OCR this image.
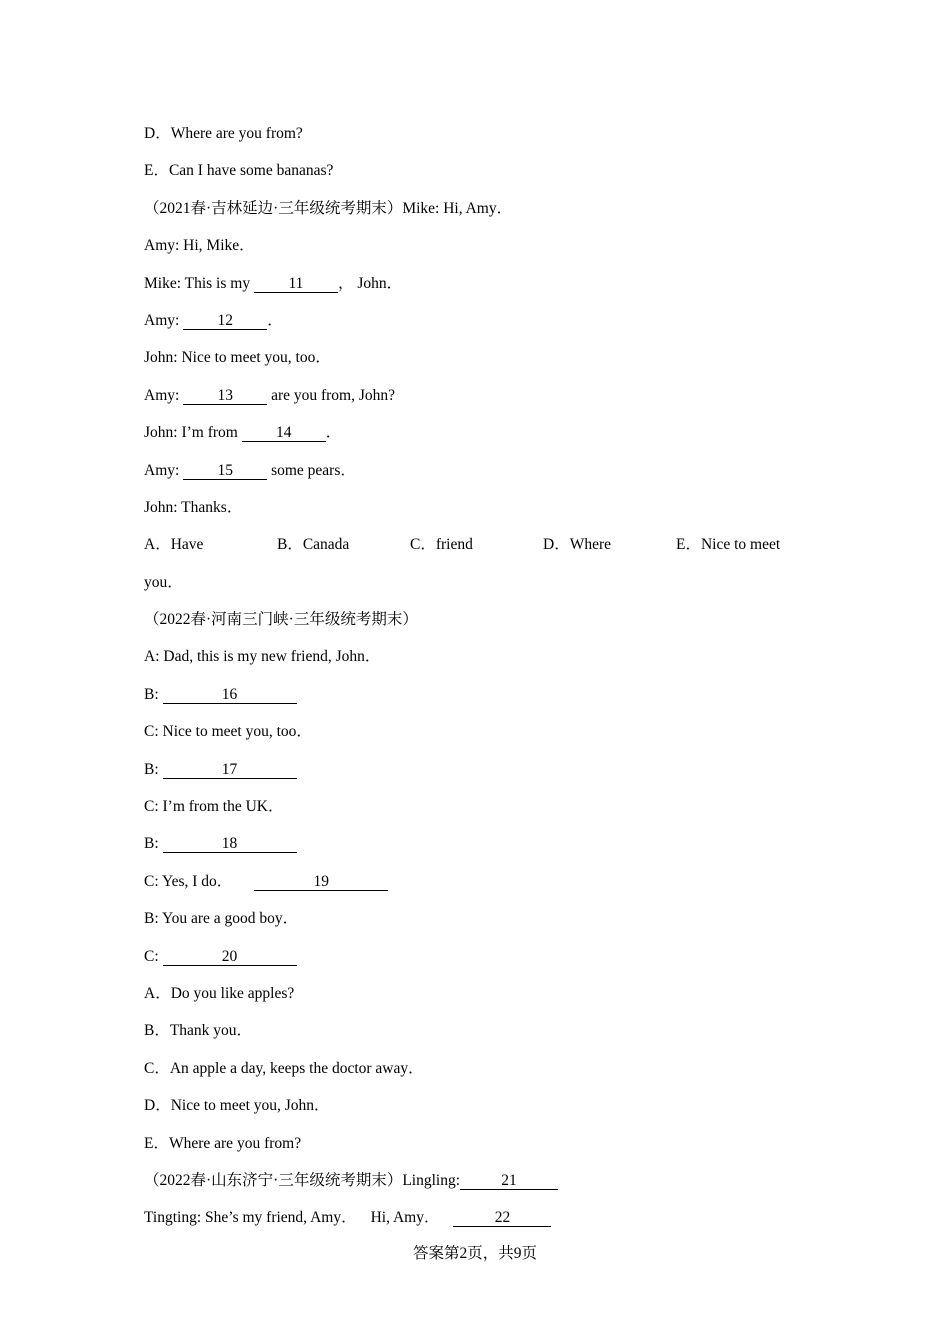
D．Where are you from?
E．Can I have some bananas?
（2021春·吉林延边·三年级统考期末）Mike: Hi, Amy．
Amy: Hi, Mike．
Mike: This is my 11 ， John．
Amy: 12 ．
John: Nice to meet you, too．
Amy: 13 are you from, John?
John: I’m from 14 ．
Amy: 15 some pears．
John: Thanks．
A．Have	B．Canada	C．friend	D．Where	E．Nice to meet
you．
（2022春·河南三门峡·三年级统考期末）
A: Dad, this is my new friend, John．
B:	16
C: Nice to meet you, too．
B:	17
C: I’m from the UK．
B:	18
C: Yes, I do．	19
B: You are a good boy．
C:	20
A．Do you like apples?
B．Thank you．
C．An apple a day, keeps the doctor away．
D．Nice to meet you, John．
E．Where are you from?
（2022春·山东济宁·三年级统考期末）Lingling:	21
Tingting: She’s my friend, Amy． Hi, Amy．	22
答案第2页，共9页
